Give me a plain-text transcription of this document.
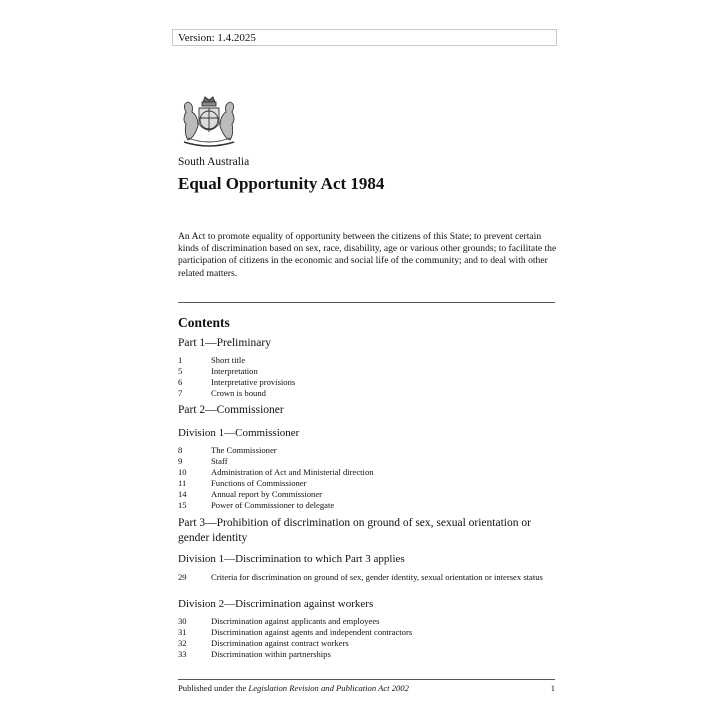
Version: 1.4.2025
South Australia
Equal Opportunity Act 1984

An Act to promote equality of opportunity between the citizens of this State; to prevent certain kinds of discrimination based on sex, race, disability, age or various other grounds; to facilitate the participation of citizens in the economic and social life of the community; and to deal with other related matters.

Contents
Part 1—Preliminary
1	Short title
5	Interpretation
6	Interpretative provisions
7	Crown is bound
Part 2—Commissioner
Division 1—Commissioner
8	The Commissioner
9	Staff
10	Administration of Act and Ministerial direction
11	Functions of Commissioner
14	Annual report by Commissioner
15	Power of Commissioner to delegate
Part 3—Prohibition of discrimination on ground of sex, sexual orientation or gender identity
Division 1—Discrimination to which Part 3 applies
29	Criteria for discrimination on ground of sex, gender identity, sexual orientation or intersex status
Division 2—Discrimination against workers
30	Discrimination against applicants and employees
31	Discrimination against agents and independent contractors
32	Discrimination against contract workers
33	Discrimination within partnerships
Published under the Legislation Revision and Publication Act 2002	1
